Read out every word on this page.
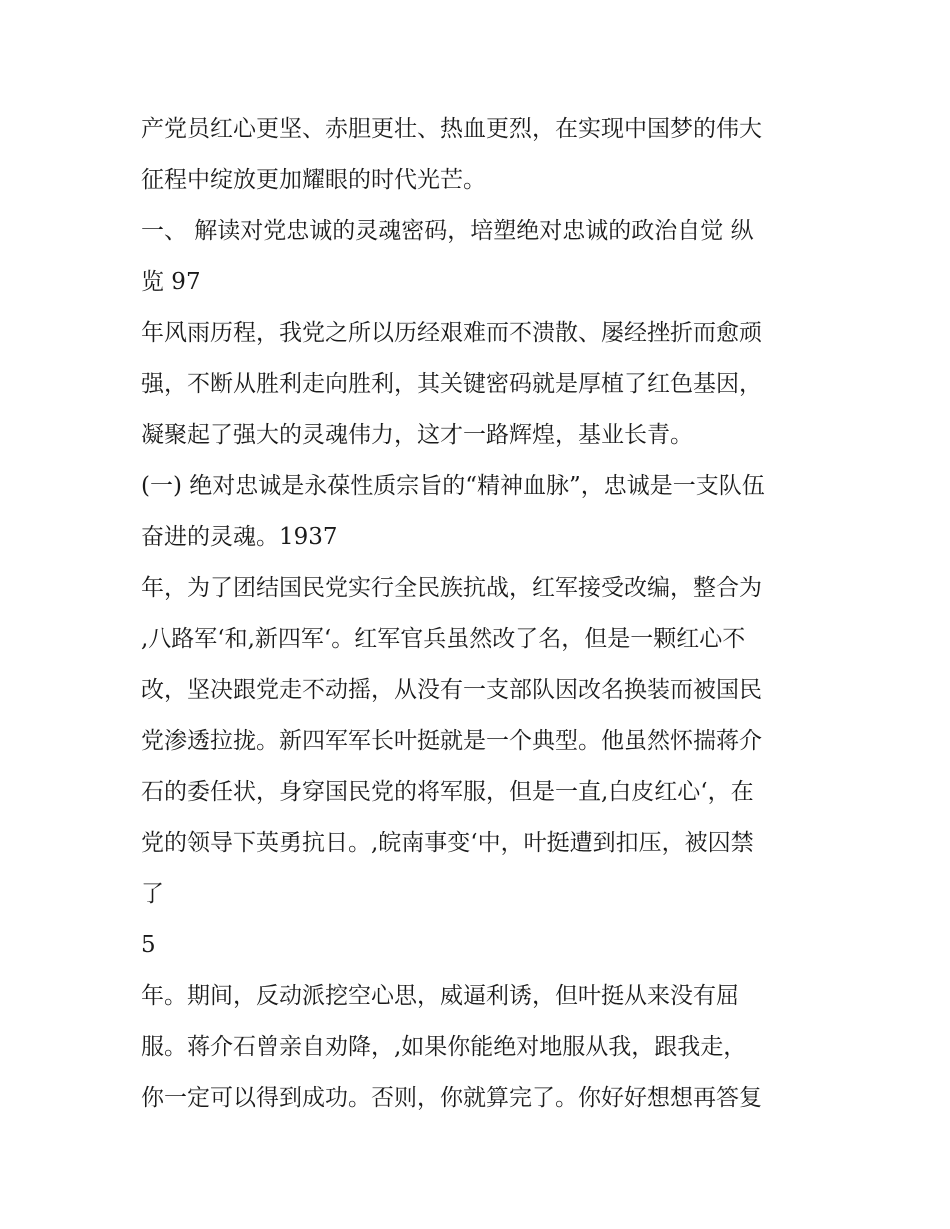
产党员红心更坚、赤胆更壮、热血更烈，在实现中国梦的伟大
征程中绽放更加耀眼的时代光芒。
一、 解读对党忠诚的灵魂密码，培塑绝对忠诚的政治自觉 纵
览 97
年风雨历程，我党之所以历经艰难而不溃散、屡经挫折而愈顽
强，不断从胜利走向胜利，其关键密码就是厚植了红色基因，
凝聚起了强大的灵魂伟力，这才一路辉煌，基业长青。
(一) 绝对忠诚是永葆性质宗旨的“精神血脉”，忠诚是一支队伍
奋进的灵魂。1937
年，为了团结国民党实行全民族抗战，红军接受改编，整合为
,八路军‘和,新四军‘。红军官兵虽然改了名，但是一颗红心不
改，坚决跟党走不动摇，从没有一支部队因改名换装而被国民
党渗透拉拢。新四军军长叶挺就是一个典型。他虽然怀揣蒋介
石的委任状，身穿国民党的将军服，但是一直,白皮红心‘，在
党的领导下英勇抗日。,皖南事变‘中，叶挺遭到扣压，被囚禁
了
5
年。期间，反动派挖空心思，威逼利诱，但叶挺从来没有屈
服。蒋介石曾亲自劝降，,如果你能绝对地服从我，跟我走，
你一定可以得到成功。否则，你就算完了。你好好想想再答复
